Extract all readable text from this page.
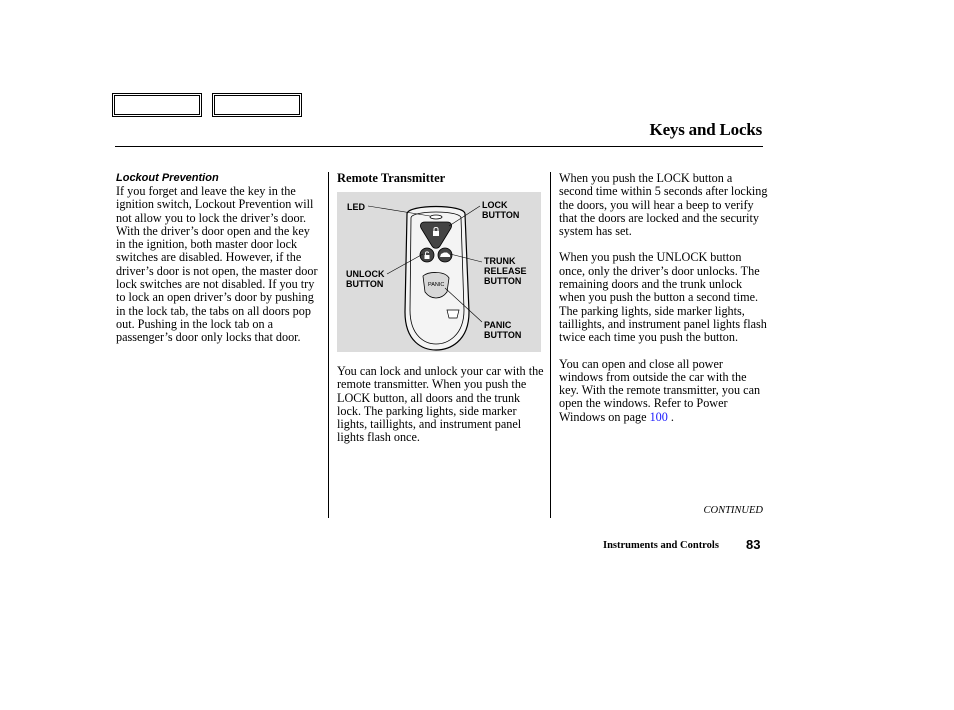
Keys and Locks
Lockout Prevention

If you forget and leave the key in the ignition switch, Lockout Prevention will not allow you to lock the driver’s door. With the driver’s door open and the key in the ignition, both master door lock switches are disabled. However, if the driver’s door is not open, the master door lock switches are not disabled. If you try to lock an open driver’s door by pushing in the lock tab, the tabs on all doors pop out. Pushing in the lock tab on a passenger’s door only locks that door.

Remote Transmitter
PANIC
LED	LOCK BUTTON
UNLOCK BUTTON
TRUNK RELEASE BUTTON
PANIC BUTTON

You can lock and unlock your car with the remote transmitter. When you push the LOCK button, all doors and the trunk lock. The parking lights, side marker lights, taillights, and instrument panel lights flash once.

When you push the LOCK button a second time within 5 seconds after locking the doors, you will hear a beep to verify that the doors are locked and the security system has set.

When you push the UNLOCK button once, only the driver’s door unlocks. The remaining doors and the trunk unlock when you push the button a second time. The parking lights, side marker lights, taillights, and instrument panel lights flash twice each time you push the button.

You can open and close all power windows from outside the car with the key. With the remote transmitter, you can open the windows. Refer to Power Windows on page 100 .

CONTINUED
Instruments and Controls 83
